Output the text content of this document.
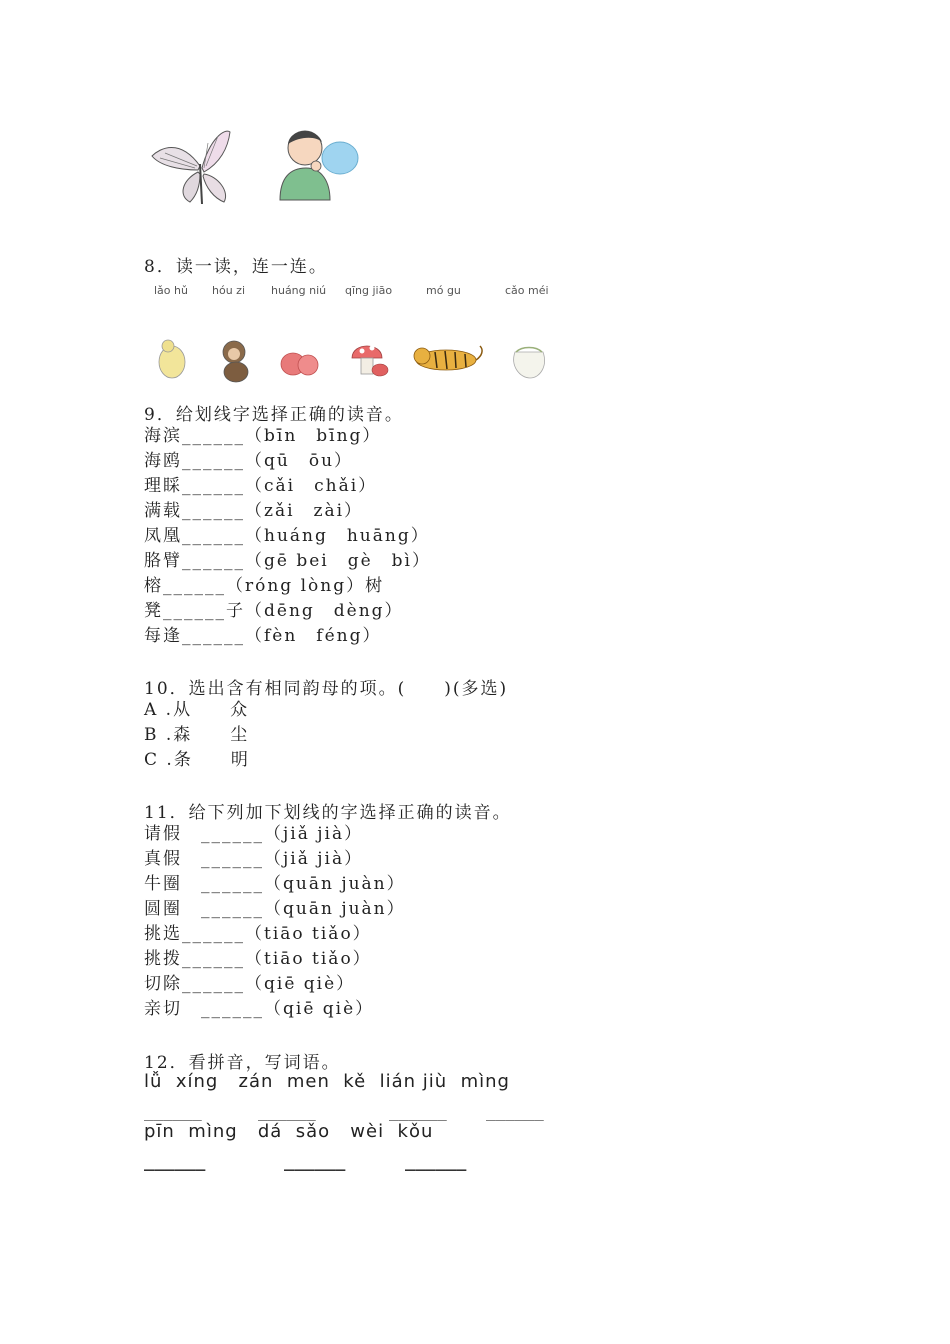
8．读一读，连一连。
lǎo hǔ hóu zi huáng niú qīng jiāo	mó gu	cǎo méi
9．给划线字选择正确的读音。
海滨______（bīn　bīng）
海鸥______（qū　ōu）
理睬______（cǎi　chǎi）
满载______（zǎi　zài）
凤凰______（huáng　huāng）
胳臂______（gē bei　gè　bì）
榕______（róng lòng）树
凳______子（dēng　dèng）
每逢______（fèn　féng）
10．选出含有相同韵母的项。(　　)(多选)
A .从　　众
B .森　　尘
C .条　　明
11．给下列加下划线的字选择正确的读音。
请假　______（jiǎ jià）
真假　______（jiǎ jià）
牛圈　______（quān juàn）
圆圈　______（quān juàn）
挑选______（tiāo tiǎo）
挑拨______（tiāo tiǎo）
切除______（qiē qiè）
亲切　______（qiē qiè）
12．看拼音，写词语。
lǚ  xíng   zán  men  kě  lián jiù  mìng
______	______	______ ______
pīn  mìng   dá  sǎo   wèi  kǒu
______	______	______
